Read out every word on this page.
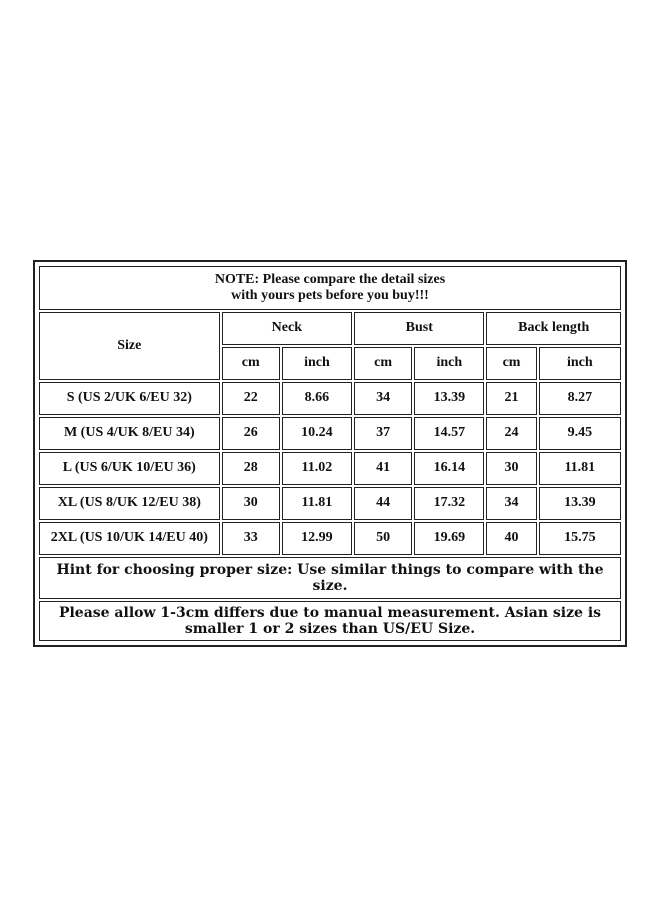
NOTE: Please compare the detail sizes
with yours pets before you buy!!!						

Size	Neck		Bust		Back length	
	cm	inch	cm	inch	cm	inch
S (US 2/UK 6/EU 32)	22	8.66	34	13.39	21	8.27
M (US 4/UK 8/EU 34)	26	10.24	37	14.57	24	9.45
L (US 6/UK 10/EU 36)	28	11.02	41	16.14	30	11.81
XL (US 8/UK 12/EU 38)	30	11.81	44	17.32	34	13.39
2XL (US 10/UK 14/EU 40)	33	12.99	50	19.69	40	15.75
Hint for choosing proper size: Use similar things to compare with the size.						
Please allow 1-3cm differs due to manual measurement. Asian size is smaller 1 or 2 sizes than US/EU Size.						
